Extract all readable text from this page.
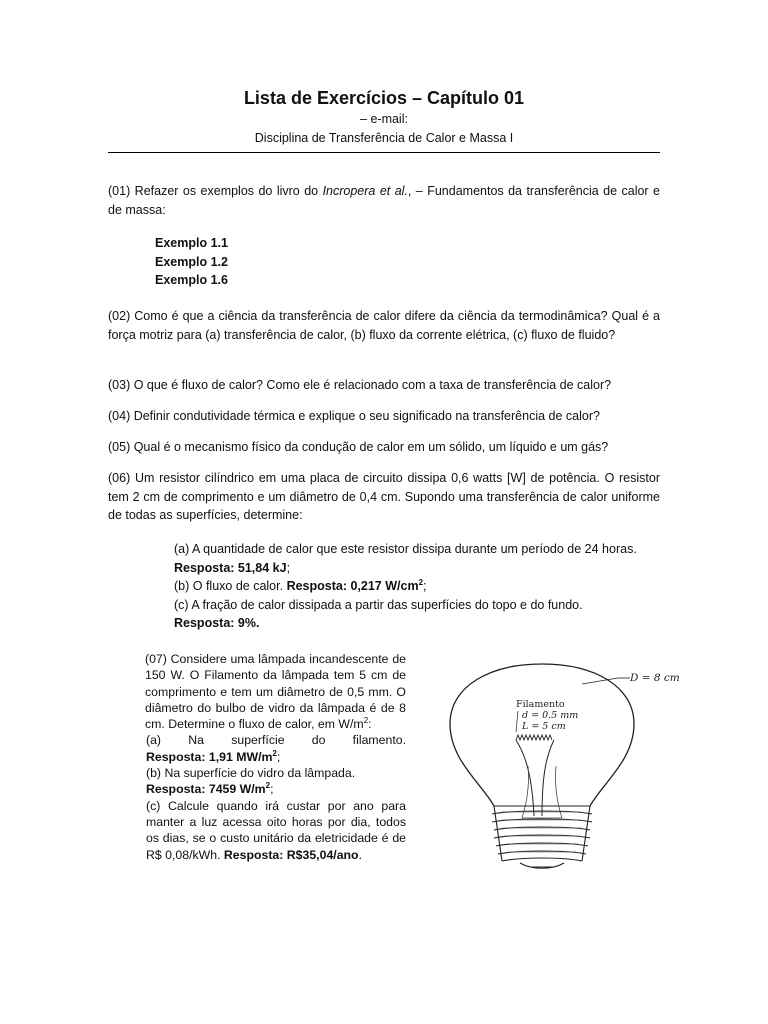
Lista de Exercícios – Capítulo 01

– e-mail:

Disciplina de Transferência de Calor e Massa I

(01) Refazer os exemplos do livro do Incropera et al., – Fundamentos da transferência de calor e de massa:

Exemplo 1.1
Exemplo 1.2
Exemplo 1.6

(02) Como é que a ciência da transferência de calor difere da ciência da termodinâmica? Qual é a força motriz para (a) transferência de calor, (b) fluxo da corrente elétrica, (c) fluxo de fluido?

(03) O que é fluxo de calor? Como ele é relacionado com a taxa de transferência de calor?

(04) Definir condutividade térmica e explique o seu significado na transferência de calor?

(05) Qual é o mecanismo físico da condução de calor em um sólido, um líquido e um gás?

(06) Um resistor cilíndrico em uma placa de circuito dissipa 0,6 watts [W] de potência. O resistor tem 2 cm de comprimento e um diâmetro de 0,4 cm. Supondo uma transferência de calor uniforme de todas as superfícies, determine:

(a) A quantidade de calor que este resistor dissipa durante um período de 24 horas.
Resposta: 51,84 kJ;

(b) O fluxo de calor. Resposta: 0,217 $W/cm^2$;

(c) A fração de calor dissipada a partir das superfícies do topo e do fundo.
Resposta: 9%.

(07) Considere uma lâmpada incandescente de 150 W. O Filamento da lâmpada tem 5 cm de comprimento e tem um diâmetro de 0,5 mm. O diâmetro do bulbo de vidro da lâmpada é de 8 cm. Determine o fluxo de calor, em $W/m^2$:

(a) Na superfície do filamento.
Resposta: 1,91 $MW/m^2$;

(b) Na superfície do vidro da lâmpada.
Resposta: 7459 $W/m^2$;

(c) Calcule quando irá custar por ano para manter a luz acessa oito horas por dia, todos os dias, se o custo unitário da eletricidade é de R$ 0,08/kWh. Resposta: R$35,04/ano.

D = 8 cm
Filamento
d = 0.5 mm
L = 5 cm
